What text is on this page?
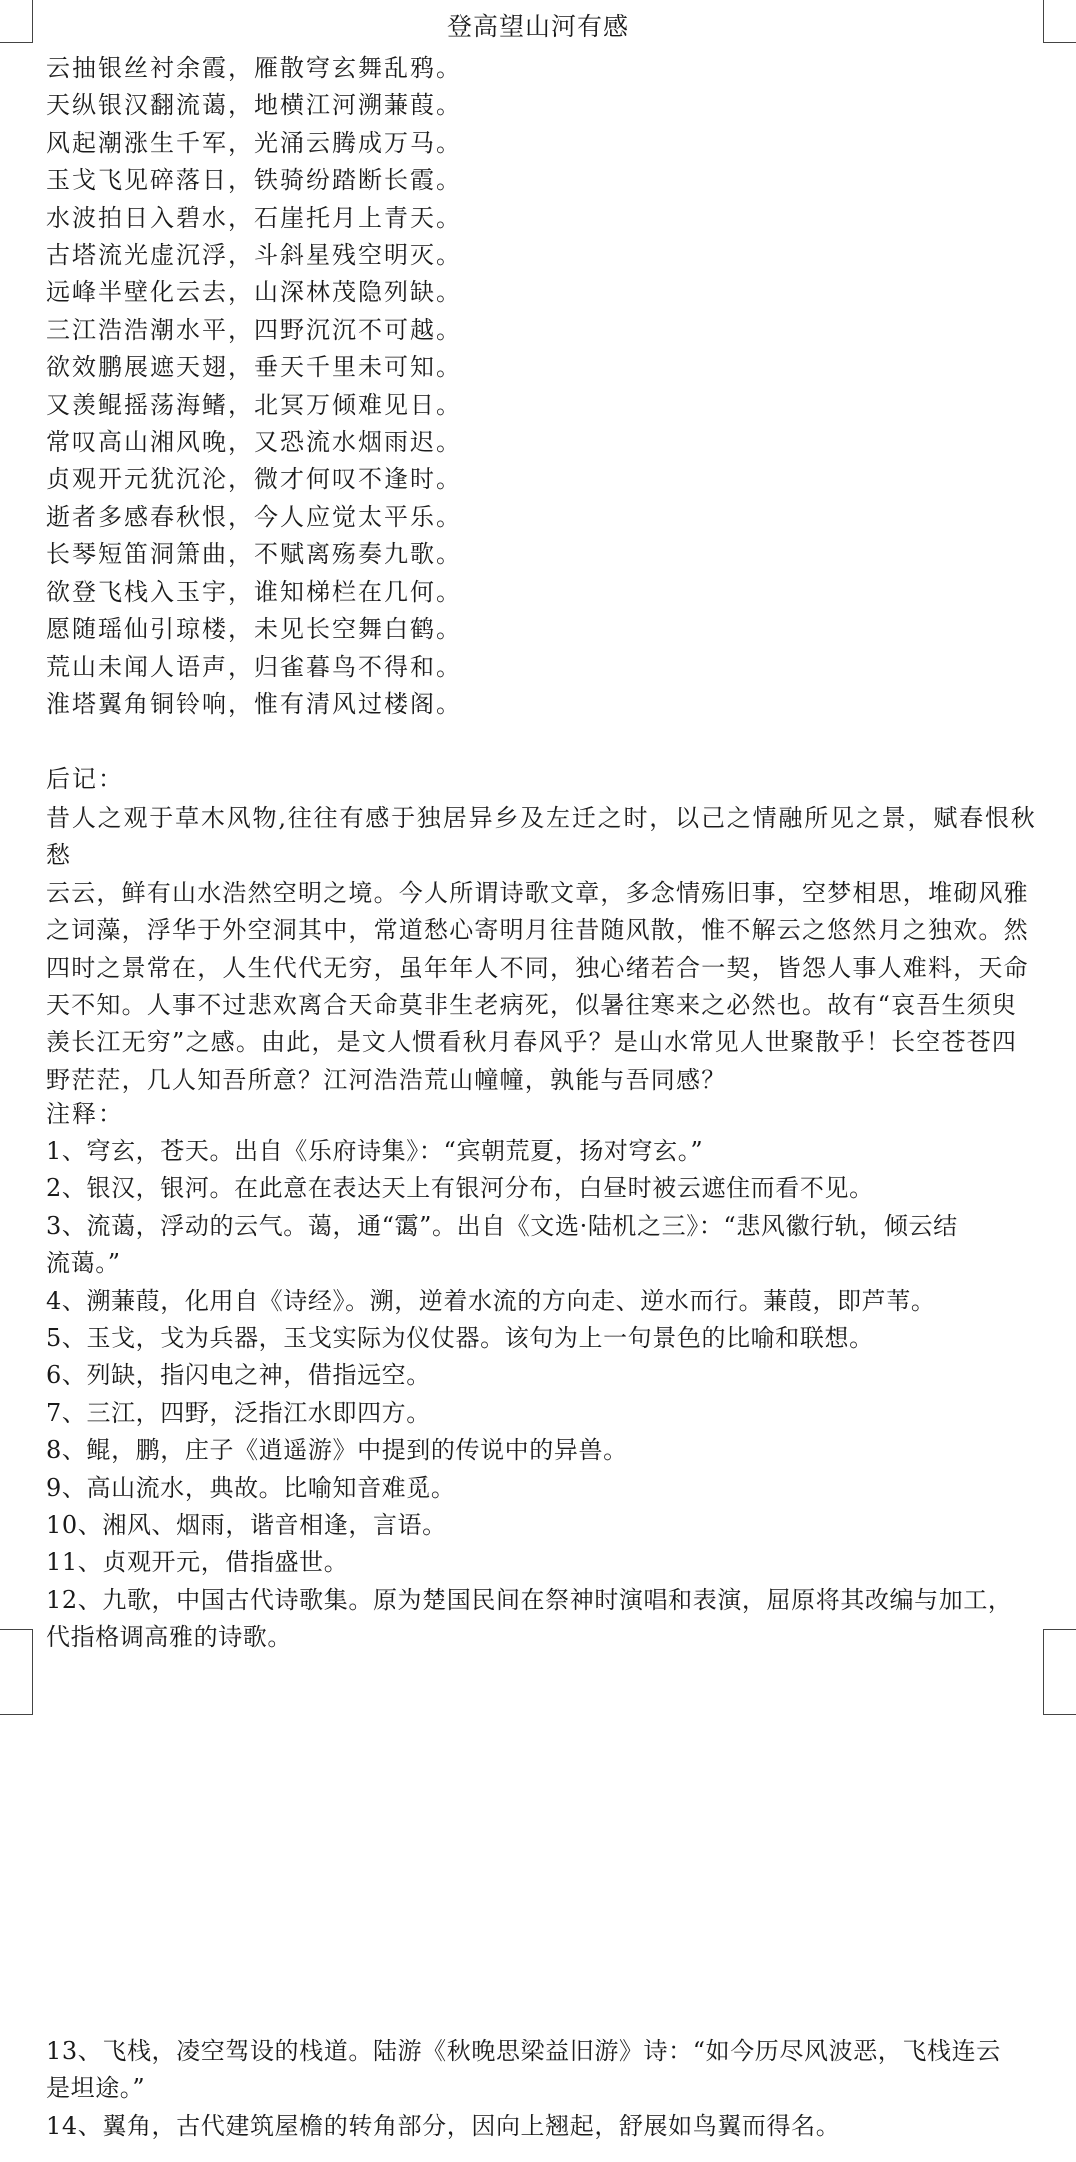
登高望山河有感
云抽银丝衬余霞，雁散穹玄舞乱鸦。
天纵银汉翻流蔼，地横江河溯蒹葭。
风起潮涨生千军，光涌云腾成万马。
玉戈飞见碎落日，铁骑纷踏断长霞。
水波拍日入碧水，石崖托月上青天。
古塔流光虚沉浮，斗斜星残空明灭。
远峰半壁化云去，山深林茂隐列缺。
三江浩浩潮水平，四野沉沉不可越。
欲效鹏展遮天翅，垂天千里未可知。
又羡鲲摇荡海鳍，北冥万倾难见日。
常叹高山湘风晚，又恐流水烟雨迟。
贞观开元犹沉沦，微才何叹不逢时。
逝者多感春秋恨，今人应觉太平乐。
长琴短笛洞箫曲，不赋离殇奏九歌。
欲登飞栈入玉宇，谁知梯栏在几何。
愿随瑶仙引琼楼，未见长空舞白鹤。
荒山未闻人语声，归雀暮鸟不得和。
淮塔翼角铜铃响，惟有清风过楼阁。
后记：
昔人之观于草木风物,往往有感于独居异乡及左迁之时，以己之情融所见之景，赋春恨秋愁
云云，鲜有山水浩然空明之境。今人所谓诗歌文章，多念情殇旧事，空梦相思，堆砌风雅
之词藻，浮华于外空洞其中，常道愁心寄明月往昔随风散，惟不解云之悠然月之独欢。然
四时之景常在，人生代代无穷，虽年年人不同，独心绪若合一契，皆怨人事人难料，天命
天不知。人事不过悲欢离合天命莫非生老病死，似暑往寒来之必然也。故有“哀吾生须臾
羡长江无穷”之感。由此，是文人惯看秋月春风乎？是山水常见人世聚散乎！长空苍苍四
野茫茫，几人知吾所意？江河浩浩荒山幢幢，孰能与吾同感？
注释：
1、穹玄，苍天。出自《乐府诗集》：“宾朝荒夏，扬对穹玄。”
2、银汉，银河。在此意在表达天上有银河分布，白昼时被云遮住而看不见。
3、流蔼，浮动的云气。蔼，通“霭”。出自《文选·陆机之三》：“悲风徽行轨，倾云结
流蔼。”
4、溯蒹葭，化用自《诗经》。溯，逆着水流的方向走、逆水而行。蒹葭，即芦苇。
5、玉戈，戈为兵器，玉戈实际为仪仗器。该句为上一句景色的比喻和联想。
6、列缺，指闪电之神，借指远空。
7、三江，四野，泛指江水即四方。
8、鲲，鹏，庄子《逍遥游》中提到的传说中的异兽。
9、高山流水，典故。比喻知音难觅。
10、湘风、烟雨，谐音相逢，言语。
11、贞观开元，借指盛世。
12、九歌，中国古代诗歌集。原为楚国民间在祭神时演唱和表演，屈原将其改编与加工，
代指格调高雅的诗歌。
13、飞栈，凌空驾设的栈道。陆游《秋晚思梁益旧游》诗：“如今历尽风波恶，飞栈连云
是坦途。”
14、翼角，古代建筑屋檐的转角部分，因向上翘起，舒展如鸟翼而得名。
